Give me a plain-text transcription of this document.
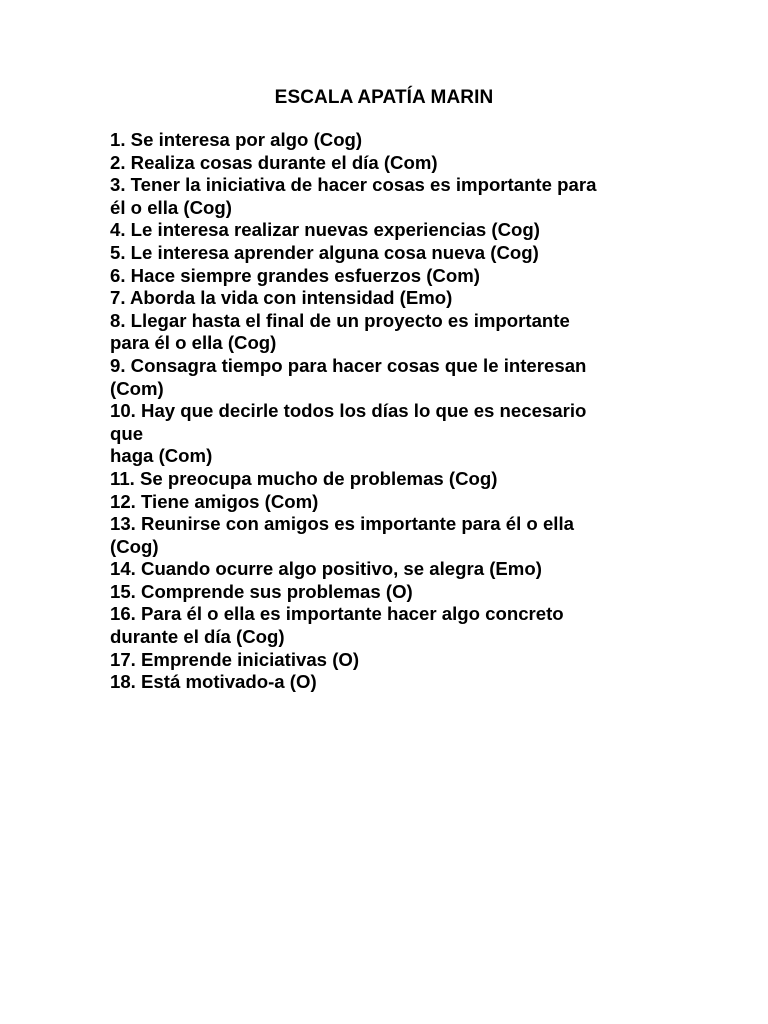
ESCALA APATÍA MARIN
1. Se interesa por algo (Cog)
2. Realiza cosas durante el día (Com)
3. Tener la iniciativa de hacer cosas es importante para
él o ella (Cog)
4. Le interesa realizar nuevas experiencias (Cog)
5. Le interesa aprender alguna cosa nueva (Cog)
6. Hace siempre grandes esfuerzos (Com)
7. Aborda la vida con intensidad (Emo)
8. Llegar hasta el final de un proyecto es importante
para él o ella (Cog)
9. Consagra tiempo para hacer cosas que le interesan
(Com)
10. Hay que decirle todos los días lo que es necesario
que
haga (Com)
11. Se preocupa mucho de problemas (Cog)
12. Tiene amigos (Com)
13. Reunirse con amigos es importante para él o ella
(Cog)
14. Cuando ocurre algo positivo, se alegra (Emo)
15. Comprende sus problemas (O)
16. Para él o ella es importante hacer algo concreto
durante el día (Cog)
17. Emprende iniciativas (O)
18. Está motivado-a (O)
